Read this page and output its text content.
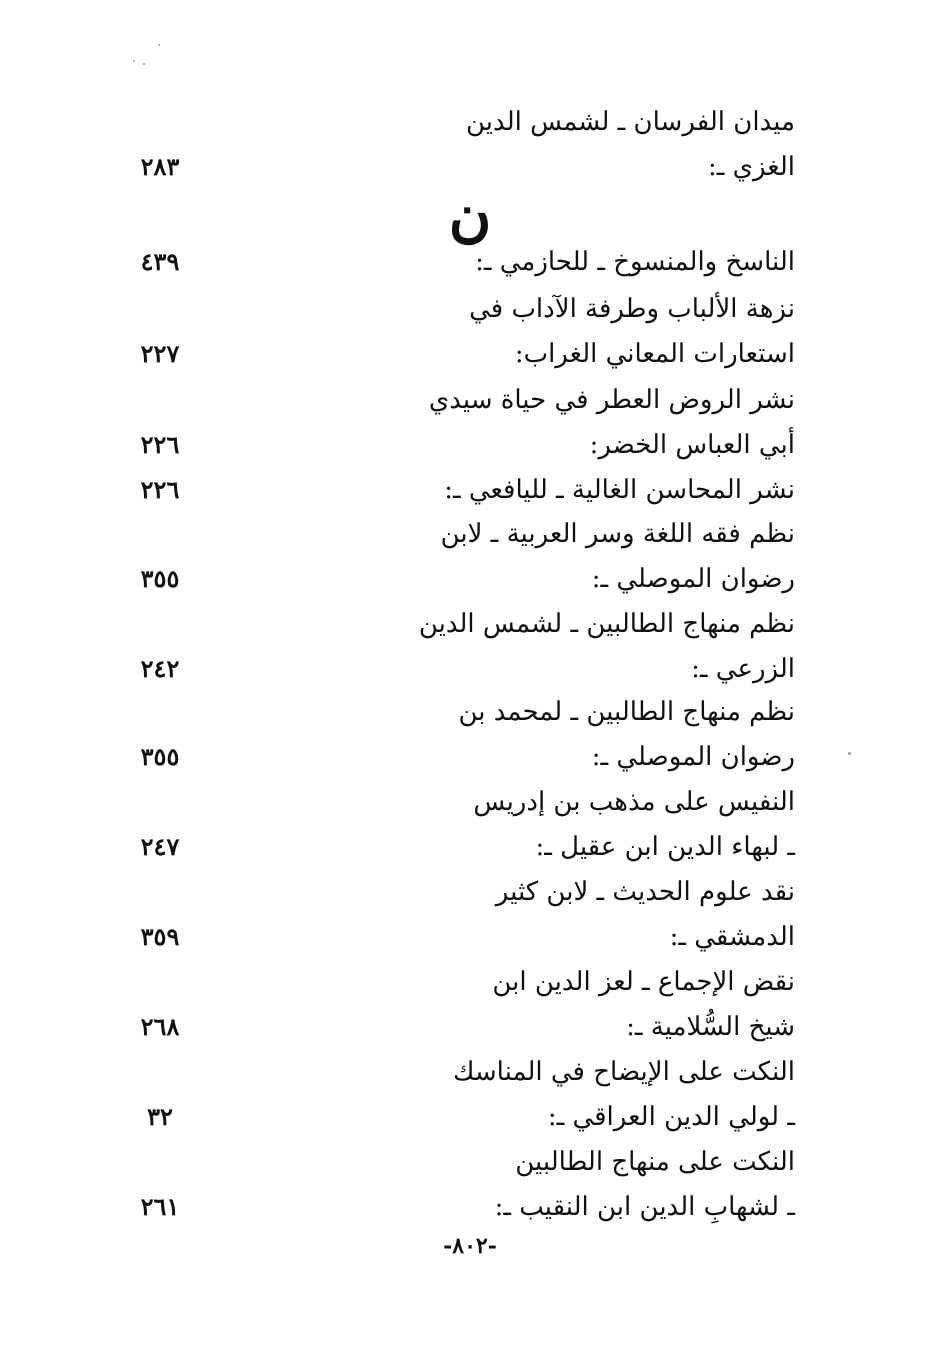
ن
ميدان الفرسان ـ لشمس الدين
الغزي ـ:
٢٨٣
الناسخ والمنسوخ ـ للحازمي ـ:
٤٣٩
نزهة الألباب وطرفة الآداب في
استعارات المعاني الغراب:
٢٢٧
نشر الروض العطر في حياة سيدي
أبي العباس الخضر:
٢٢٦
نشر المحاسن الغالية ـ لليافعي ـ:
٢٢٦
نظم فقه اللغة وسر العربية ـ لابن
رضوان الموصلي ـ:
٣٥٥
نظم منهاج الطالبين ـ لشمس الدين
الزرعي ـ:
٢٤٢
نظم منهاج الطالبين ـ لمحمد بن
رضوان الموصلي ـ:
٣٥٥
النفيس على مذهب بن إدريس
ـ لبهاء الدين ابن عقيل ـ:
٢٤٧
نقد علوم الحديث ـ لابن كثير
الدمشقي ـ:
٣٥٩
نقض الإجماع ـ لعز الدين ابن
شيخ السُّلامية ـ:
٢٦٨
النكت على الإيضاح في المناسك
ـ لولي الدين العراقي ـ:
٣٢
النكت على منهاج الطالبين
ـ لشهابِ الدين ابن النقيب ـ:
٢٦١
-٨٠٢-
